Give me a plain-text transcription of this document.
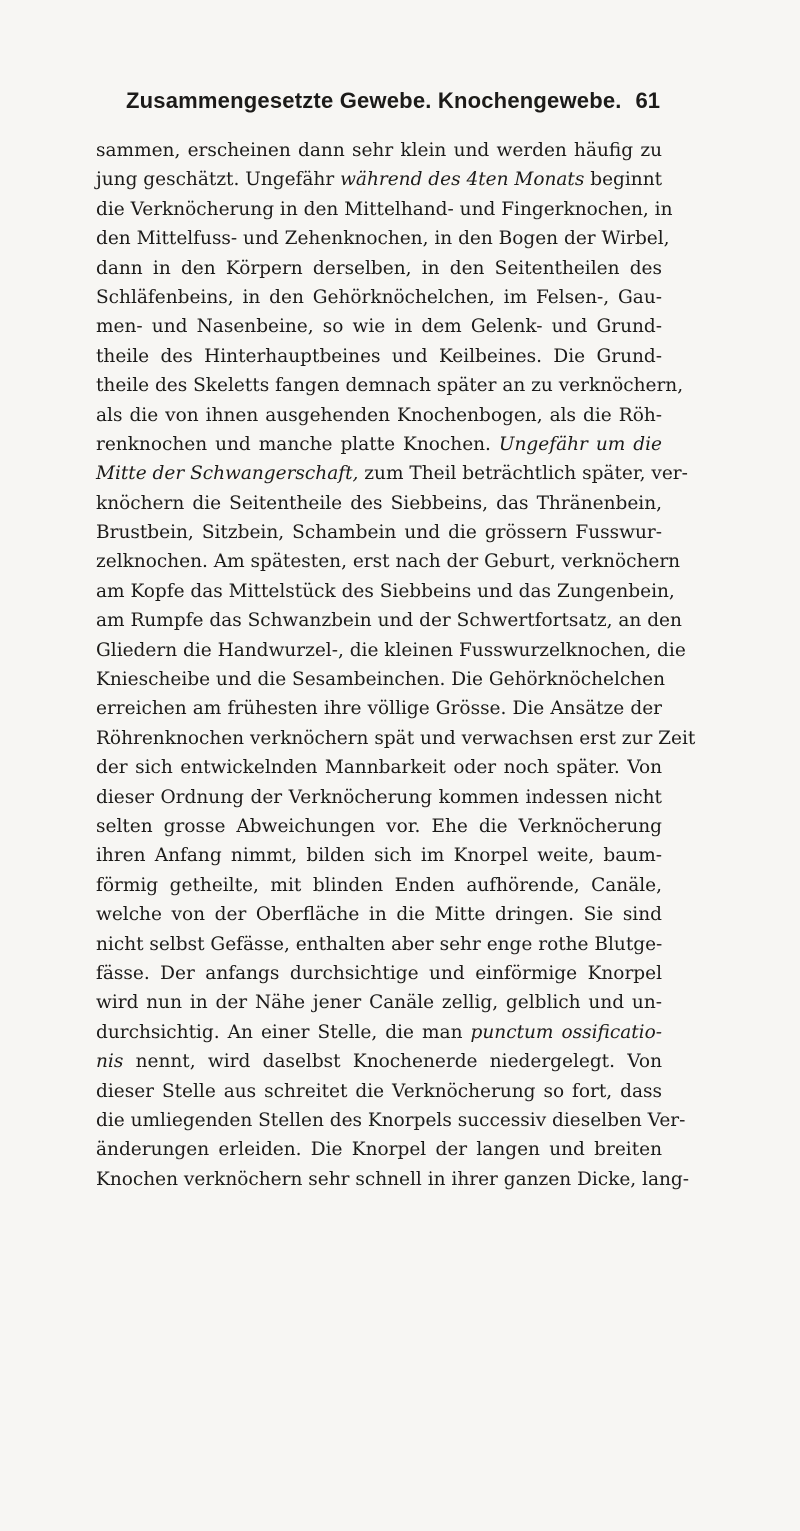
Zusammengesetzte Gewebe. Knochengewebe. 61
sammen, erscheinen dann sehr klein und werden häufig zu
jung geschätzt. Ungefähr während des 4ten Monats beginnt
die Verknöcherung in den Mittelhand- und Fingerknochen, in
den Mittelfuss- und Zehenknochen, in den Bogen der Wirbel,
dann in den Körpern derselben, in den Seitentheilen des
Schläfenbeins, in den Gehörknöchelchen, im Felsen-, Gau-
men- und Nasenbeine, so wie in dem Gelenk- und Grund-
theile des Hinterhauptbeines und Keilbeines. Die Grund-
theile des Skeletts fangen demnach später an zu verknöchern,
als die von ihnen ausgehenden Knochenbogen, als die Röh-
renknochen und manche platte Knochen. Ungefähr um die
Mitte der Schwangerschaft, zum Theil beträchtlich später, ver-
knöchern die Seitentheile des Siebbeins, das Thränenbein,
Brustbein, Sitzbein, Schambein und die grössern Fusswur-
zelknochen. Am spätesten, erst nach der Geburt, verknöchern
am Kopfe das Mittelstück des Siebbeins und das Zungenbein,
am Rumpfe das Schwanzbein und der Schwertfortsatz, an den
Gliedern die Handwurzel-, die kleinen Fusswurzelknochen, die
Kniescheibe und die Sesambeinchen. Die Gehörknöchelchen
erreichen am frühesten ihre völlige Grösse. Die Ansätze der
Röhrenknochen verknöchern spät und verwachsen erst zur Zeit
der sich entwickelnden Mannbarkeit oder noch später. Von
dieser Ordnung der Verknöcherung kommen indessen nicht
selten grosse Abweichungen vor. Ehe die Verknöcherung
ihren Anfang nimmt, bilden sich im Knorpel weite, baum-
förmig getheilte, mit blinden Enden aufhörende, Canäle,
welche von der Oberfläche in die Mitte dringen. Sie sind
nicht selbst Gefässe, enthalten aber sehr enge rothe Blutge-
fässe. Der anfangs durchsichtige und einförmige Knorpel
wird nun in der Nähe jener Canäle zellig, gelblich und un-
durchsichtig. An einer Stelle, die man punctum ossificatio-
nis nennt, wird daselbst Knochenerde niedergelegt. Von
dieser Stelle aus schreitet die Verknöcherung so fort, dass
die umliegenden Stellen des Knorpels successiv dieselben Ver-
änderungen erleiden. Die Knorpel der langen und breiten
Knochen verknöchern sehr schnell in ihrer ganzen Dicke, lang-
